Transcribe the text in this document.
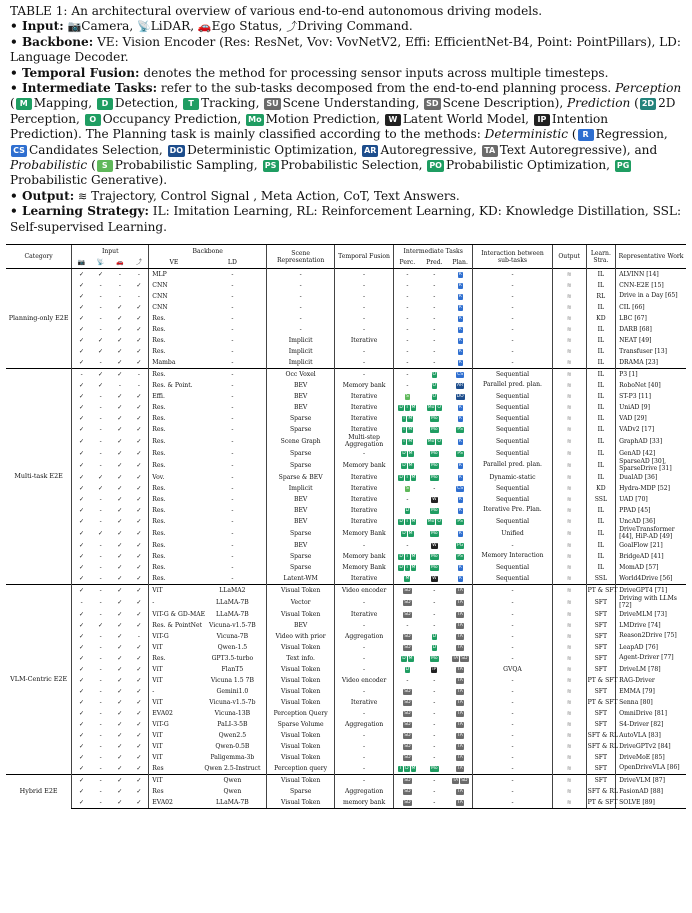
TABLE 1: An architectural overview of various end-to-end autonomous driving models.

• Input: 📷Camera, 📡LiDAR, 🚗Ego Status, ⤴Driving Command.

• Backbone: VE: Vision Encoder (Res: ResNet, Vov: VovNetV2, Effi: EfficientNet-B4, Point: PointPillars), LD: Language Decoder.

• Temporal Fusion: denotes the method for processing sensor inputs across multiple timesteps.

• Intermediate Tasks: refer to the sub-tasks decomposed from the end-to-end planning process. Perception ( M Mapping, D Detection, T Tracking, SU Scene Understanding, SD Scene Description), Prediction ( 2D 2D Perception, O Occupancy Prediction, Mo Motion Prediction, W Latent World Model, IP Intention Prediction). The Planning task is mainly classified according to the methods: Deterministic ( R Regression, CS Candidates Selection, DO Deterministic Optimization, AR Autoregressive, TA Text Autoregressive), and Probabilistic ( S Probabilistic Sampling, PS Probabilistic Selection, PO Probabilistic Optimization, PGProbabilistic Generative).

• Output: ≋ Trajectory, Control Signal , Meta Action, CoT, Text Answers.

• Learning Strategy: IL: Imitation Learning, RL: Reinforcement Learning, KD: Knowledge Distillation, SSL: Self-supervised Learning.

Category	Input				Backbone		Scene Representation	Temporal Fusion	Intermediate Tasks			Interaction between sub-tasks	Output	Learn. Stra.	Representative Work
	📷	📡	🚗	⤴	VE	LD			Perc.	Pred.	Plan.				
Planning-only E2E	✓	✓	-	-	MLP	-	-	-	-	-	R	-	≋	IL	ALVINN [14]
	✓	-	-	✓	CNN	-	-	-	-	-	R	-	≋	IL	CNN-E2E [15]
	✓	-	-	-	CNN	-	-	-	-	-	R	-	≋	RL	Drive in a Day [65]
	✓	-	✓	✓	CNN	-	-	-	-	-	R	-	≋	IL	CIL [66]
	✓	-	✓	✓	Res.	-	-	-	-	-	R	-	≋	KD	LBC [67]
	✓	-	✓	✓	Res.	-	-	-	-	-	R	-	≋	IL	DARB [68]
	✓	✓	✓	✓	Res.	-	Implicit	Iterative	-	-	R	-	≋	IL	NEAT [49]
	✓	✓	✓	✓	Res.	-	Implicit	-	-	-	R	-	≋	IL	Transfuser [13]
	✓	-	✓	✓	Mamba	-	Implicit	-	-	-	R	-	≋	IL	DRAMA [23]
Multi-task E2E	-	✓	✓	-	Res.	-	Occ Voxel	-	-	O	CS	Sequential	≋	IL	P3 [1]
	✓	✓	-	-	Res. & Point.	-	BEV	Memory bank	-	O	AR	Parallel pred. plan.	≋	IL	RoboNet [40]
	✓	-	✓	✓	Effi.	-	BEV	Iterative	S	O	DO	Sequential	≋	IL	ST-P3 [11]
	✓	-	✓	✓	Res.	-	BEV	Iterative	D T M	Mo O	R	Sequential	≋	IL	UniAD [9]
	✓	-	✓	✓	Res.	-	Sparse	Iterative	T M	Mo	R	Sequential	≋	IL	VAD [29]
	✓	-	✓	✓	Res.	-	Sparse	Iterative	T M	Mo	PS	Sequential	≋	IL	VADv2 [17]
	✓	-	✓	✓	Res.	-	Scene Graph	Multi-step Aggregation	T M	Mo O	R	Sequential	≋	IL	GraphAD [33]
	✓	-	✓	✓	Res.	-	Sparse	-	D M	Mo	PS	Sequential	≋	IL	GenAD [42]
	✓	-	✓	✓	Res.	-	Sparse	Memory bank	D M	Mo	R	Parallel pred. plan.	≋	IL	SparseAD [30], SparseDrive [31]
	✓	✓	✓	✓	Vov.	-	Sparse & BEV	Iterative	D T M	Mo	R	Dynamic-static	≋	IL	DualAD [36]
	✓	✓	✓	✓	Res.	-	Implicit	Iterative	S	-	CS	Sequential	≋	KD	Hydra-MDP [52]
	✓	-	✓	✓	Res.	-	BEV	Iterative	-	W	R	Sequential	≋	SSL	UAD [70]
	✓	-	✓	✓	Res.	-	BEV	Iterative	D	Mo	R	Iterative Pre. Plan.	≋	IL	PPAD [45]
	✓	-	✓	✓	Res.	-	BEV	Iterative	D T M	Mo O	PS	Sequential	≋	IL	UncAD [36]
	✓	✓	✓	✓	Res.	-	Sparse	Memory Bank	D M	Mo	R	Unified	≋	IL	DriveTransformer [44], HiP-AD [49]
	✓	-	✓	✓	Res.	-	BEV	-	-	W	PG	-	≋	IL	GoalFlow [21]
	✓	-	✓	✓	Res.	-	Sparse	Memory bank	D T M	Mo	PS	Memory Interaction	≋	IL	BridgeAD [41]
	✓	-	✓	✓	Res.	-	Sparse	Memory Bank	D T M	Mo	R	Sequential	≋	IL	MomAD [57]
	✓	-	✓	✓	Res.	-	Latent-WM	Iterative	M	W	R	Sequential	≋	SSL	World4Drive [56]
VLM-Centric E2E	✓	-	✓	✓	ViT	LLaMA2	Visual Token	Video encoder	SD	-	TA	-	≋	PT & SFT	DriveGPT4 [71]
	-	-	✓	✓	-	LLaMA-7B	Vector	-	SD	-	TA	-	≋	SFT	Driving with LLMs [72]
	✓	-	✓	✓	ViT-G & GD-MAE	LLaMA-7B	Visual Token	Iterative	SD	-	TA	-	≋	SFT	DriveMLM [73]
	✓	✓	✓	✓	Res. & PointNet	Vicuna-v1.5-7B	BEV	-	-	-	TA	-	≋	SFT	LMDrive [74]
	✓	-	✓	-	ViT-G	Vicuna-7B	Video with prior	Aggregation	SD	D	TA	-	≋	SFT	Reason2Drive [75]
	✓	-	✓	✓	ViT	Qwen-1.5	Visual Token	-	SD	D	TA	-	≋	SFT	LeapAD [76]
	✓	-	✓	✓	Res.	GPT3.5-turbo	Text info.	-	D M	Mo	TA SD	-	≋	SFT	Agent-Driver [77]
	✓	-	✓	✓	ViT	FlanT5	Visual Token	-	D	IP	TA	GVQA	≋	SFT	DriveLM [78]
	✓	-	✓	✓	ViT	Vicuna 1.5 7B	Visual Token	Video encoder	-	-	TA	-	≋	PT & SFT	RAG-Driver
	✓	-	✓	✓	-	Gemini1.0	Visual Token	-	SD	-	TA	-	≋	SFT	EMMA [79]
	✓	-	✓	✓	ViT	Vicuna-v1.5-7b	Visual Token	Iterative	SD	-	TA	-	≋	PT & SFT	Senna [80]
	✓	-	✓	✓	EVA02	Vicuna-13B	Perception Query	-	SD	-	TA	-	≋	SFT	OmniDrive [81]
	✓	-	✓	✓	ViT-G	PaLI-3-5B	Sparse Volume	Aggregation	SD	-	TA	-	≋	SFT	S4-Driver [82]
	✓	-	✓	✓	ViT	Qwen2.5	Visual Token	-	SD	-	TA	-	≋	SFT & RL	AutoVLA [83]
	✓	-	✓	✓	ViT	Qwen-0.5B	Visual Token	-	SD	-	TA	-	≋	SFT & RL	DriveGPTv2 [84]
	✓	-	✓	✓	ViT	Paligemma-3b	Visual Token	-	SD	-	TA	-	≋	SFT	DriveMoE [85]
	✓	-	✓	✓	Res	Qwen 2.5-Instruct	Perception query	-	T D M	Mo	TA	-	≋	SFT	OpenDriveVLA [86]
Hybrid E2E	✓	-	✓	✓	ViT	Qwen	Visual Token	-	SD	-	TA SD	-	≋	SFT	DriveVLM [87]
	✓	-	✓	✓	Res	Qwen	Sparse	Aggregation	SD	-	TA	-	≋	SFT & RL	FasionAD [88]
	✓	-	✓	✓	EVA02	LLaMA-7B	Visual Token	memory bank	SD	-	TA	-	≋	PT & SFT	SOLVE [89]
